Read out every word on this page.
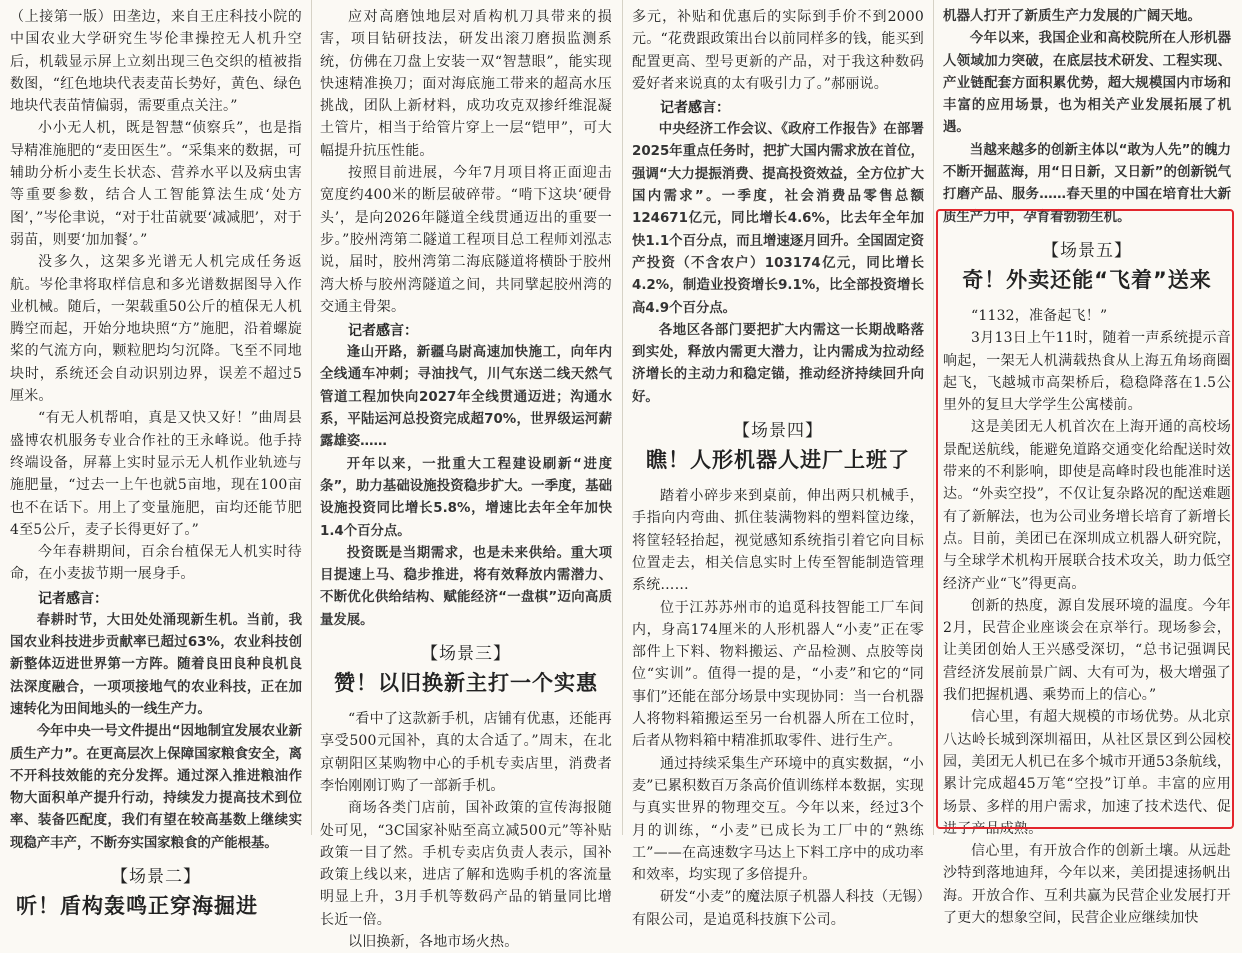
（上接第一版）田垄边，来自王庄科技小院的中国农业大学研究生岑伦聿操控无人机升空后，机载显示屏上立刻出现三色交织的植被指数图，“红色地块代表麦苗长势好，黄色、绿色地块代表苗情偏弱，需要重点关注。”

小小无人机，既是智慧“侦察兵”，也是指导精准施肥的“麦田医生”。“采集来的数据，可辅助分析小麦生长状态、营养水平以及病虫害等重要参数，结合人工智能算法生成‘处方图’，”岑伦聿说，“对于壮苗就要‘减减肥’，对于弱苗，则要‘加加餐’。”

没多久，这架多光谱无人机完成任务返航。岑伦聿将取样信息和多光谱数据图导入作业机械。随后，一架载重50公斤的植保无人机腾空而起，开始分地块照“方”施肥，沿着螺旋桨的气流方向，颗粒肥均匀沉降。飞至不同地块时，系统还会自动识别边界，误差不超过5厘米。

“有无人机帮咱，真是又快又好！”曲周县盛博农机服务专业合作社的王永峰说。他手持终端设备，屏幕上实时显示无人机作业轨迹与施肥量，“过去一上午也就5亩地，现在100亩也不在话下。用上了变量施肥，亩均还能节肥4至5公斤，麦子长得更好了。”

今年春耕期间，百余台植保无人机实时待命，在小麦拔节期一展身手。

记者感言：

春耕时节，大田处处涌现新生机。当前，我国农业科技进步贡献率已超过63%，农业科技创新整体迈进世界第一方阵。随着良田良种良机良法深度融合，一项项接地气的农业科技，正在加速转化为田间地头的一线生产力。

今年中央一号文件提出“因地制宜发展农业新质生产力”。在更高层次上保障国家粮食安全，离不开科技效能的充分发挥。通过深入推进粮油作物大面积单产提升行动，持续发力提高技术到位率、装备匹配度，我们有望在较高基数上继续实现稳产丰产，不断夯实国家粮食的产能根基。

【场景二】
听！盾构轰鸣正穿海掘进

应对高磨蚀地层对盾构机刀具带来的损害，项目钻研技法，研发出滚刀磨损监测系统，仿佛在刀盘上安装一双“智慧眼”，能实现快速精准换刀；面对海底施工带来的超高水压挑战，团队上新材料，成功攻克双掺纤维混凝土管片，相当于给管片穿上一层“铠甲”，可大幅提升抗压性能。

按照目前进展，今年7月项目将正面迎击宽度约400米的断层破碎带。“啃下这块‘硬骨头’，是向2026年隧道全线贯通迈出的重要一步。”胶州湾第二隧道工程项目总工程师刘泓志说，届时，胶州湾第二海底隧道将横卧于胶州湾大桥与胶州湾隧道之间，共同擘起胶州湾的交通主骨架。

记者感言：

逢山开路，新疆乌尉高速加快施工，向年内全线通车冲刺；寻油找气，川气东送二线天然气管道工程加快向2027年全线贯通迈进；沟通水系，平陆运河总投资完成超70%，世界级运河薪露雄姿……

开年以来，一批重大工程建设刷新“进度条”，助力基础设施投资稳步扩大。一季度，基础设施投资同比增长5.8%，增速比去年全年加快1.4个百分点。

投资既是当期需求，也是未来供给。重大项目提速上马、稳步推进，将有效释放内需潜力、不断优化供给结构、赋能经济“一盘棋”迈向高质量发展。

【场景三】
赞！以旧换新主打一个实惠

“看中了这款新手机，店铺有优惠，还能再享受500元国补，真的太合适了。”周末，在北京朝阳区某购物中心的手机专卖店里，消费者李怡刚刚订购了一部新手机。

商场各类门店前，国补政策的宣传海报随处可见，“3C国家补贴至高立减500元”等补贴政策一目了然。手机专卖店负责人表示，国补政策上线以来，进店了解和选购手机的客流量明显上升，3月手机等数码产品的销量同比增长近一倍。

以旧换新，各地市场火热。

多元，补贴和优惠后的实际到手价不到2000元。“花费跟政策出台以前同样多的钱，能买到配置更高、型号更新的产品，对于我这种数码爱好者来说真的太有吸引力了。”郝丽说。

记者感言：

中央经济工作会议、《政府工作报告》在部署2025年重点任务时，把扩大国内需求放在首位，强调“大力提振消费、提高投资效益，全方位扩大国内需求”。一季度，社会消费品零售总额124671亿元，同比增长4.6%，比去年全年加快1.1个百分点，而且增速逐月回升。全国固定资产投资（不含农户）103174亿元，同比增长4.2%，制造业投资增长9.1%，比全部投资增长高4.9个百分点。

各地区各部门要把扩大内需这一长期战略落到实处，释放内需更大潜力，让内需成为拉动经济增长的主动力和稳定锚，推动经济持续回升向好。

【场景四】
瞧！人形机器人进厂上班了

踏着小碎步来到桌前，伸出两只机械手，手指向内弯曲、抓住装满物料的塑料筐边缘，将筐轻轻抬起，视觉感知系统指引着它向目标位置走去，相关信息实时上传至智能制造管理系统……

位于江苏苏州市的追觅科技智能工厂车间内，身高174厘米的人形机器人“小麦”正在零部件上下料、物料搬运、产品检测、点胶等岗位“实训”。值得一提的是，“小麦”和它的“同事们”还能在部分场景中实现协同：当一台机器人将物料箱搬运至另一台机器人所在工位时，后者从物料箱中精准抓取零件、进行生产。

通过持续采集生产环境中的真实数据，“小麦”已累积数百万条高价值训练样本数据，实现与真实世界的物理交互。今年以来，经过3个月的训练，“小麦”已成长为工厂中的“熟练工”——在高速数字马达上下料工序中的成功率和效率，均实现了多倍提升。

研发“小麦”的魔法原子机器人科技（无锡）有限公司，是追觅科技旗下公司。

机器人打开了新质生产力发展的广阔天地。

今年以来，我国企业和高校院所在人形机器人领域加力突破，在底层技术研发、工程实现、产业链配套方面积累优势，超大规模国内市场和丰富的应用场景，也为相关产业发展拓展了机遇。

当越来越多的创新主体以“敢为人先”的魄力不断开掘蓝海，用“日日新，又日新”的创新锐气打磨产品、服务……春天里的中国在培育壮大新质生产力中，孕育着勃勃生机。

【场景五】
奇！外卖还能“飞着”送来

“1132，准备起飞！”

3月13日上午11时，随着一声系统提示音响起，一架无人机满载热食从上海五角场商圈起飞，飞越城市高架桥后，稳稳降落在1.5公里外的复旦大学学生公寓楼前。

这是美团无人机首次在上海开通的高校场景配送航线，能避免道路交通变化给配送时效带来的不利影响，即使是高峰时段也能准时送达。“外卖空投”，不仅让复杂路况的配送难题有了新解法，也为公司业务增长培育了新增长点。目前，美团已在深圳成立机器人研究院，与全球学术机构开展联合技术攻关，助力低空经济产业“飞”得更高。

创新的热度，源自发展环境的温度。今年2月，民营企业座谈会在京举行。现场参会，让美团创始人王兴感受深切，“总书记强调民营经济发展前景广阔、大有可为，极大增强了我们把握机遇、乘势而上的信心。”

信心里，有超大规模的市场优势。从北京八达岭长城到深圳福田，从社区景区到公园校园，美团无人机已在多个城市开通53条航线，累计完成超45万笔“空投”订单。丰富的应用场景、多样的用户需求，加速了技术迭代、促进了产品成熟。

信心里，有开放合作的创新土壤。从远赴沙特到落地迪拜，今年以来，美团提速扬帆出海。开放合作、互利共赢为民营企业发展打开了更大的想象空间，民营企业应继续加快
